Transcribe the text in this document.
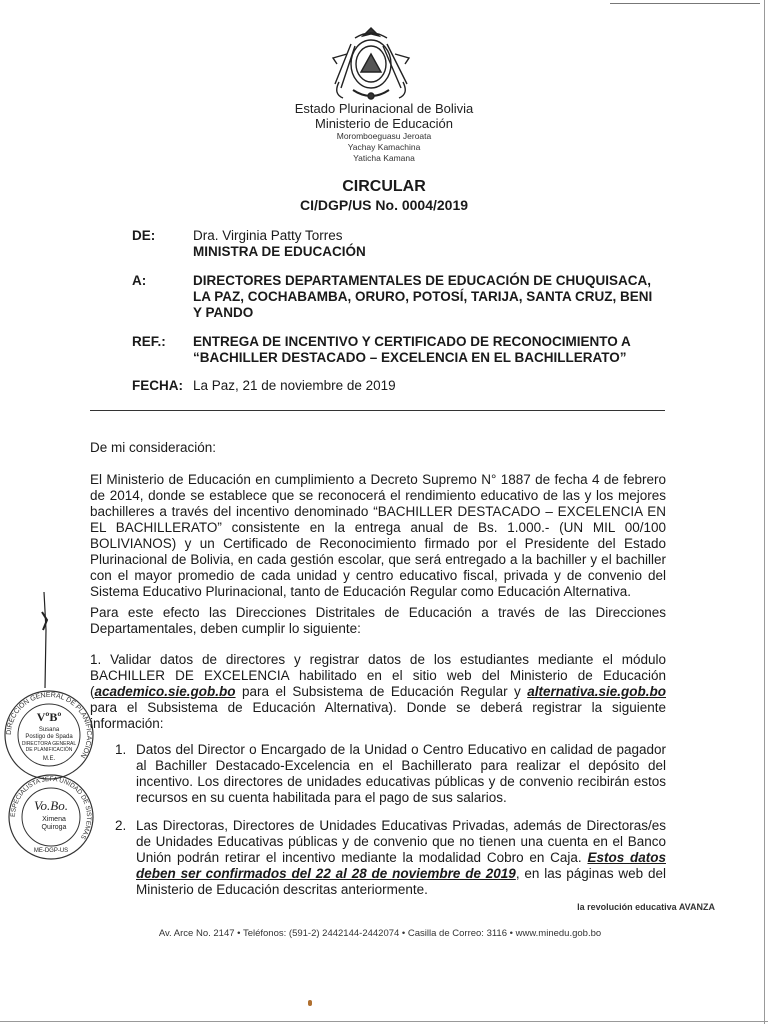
Estado Plurinacional de Bolivia
Ministerio de Educación
Moromboeguasu Jeroata
Yachay Kamachina
Yaticha Kamana
CIRCULAR
CI/DGP/US No. 0004/2019
DE:	Dra. Virginia Patty Torres
MINISTRA DE EDUCACIÓN
A:	DIRECTORES DEPARTAMENTALES DE EDUCACIÓN DE CHUQUISACA, LA PAZ, COCHABAMBA, ORURO, POTOSÍ, TARIJA, SANTA CRUZ, BENI Y PANDO
REF.: ENTREGA DE INCENTIVO Y CERTIFICADO DE RECONOCIMIENTO A “BACHILLER DESTACADO – EXCELENCIA EN EL BACHILLERATO”
FECHA: La Paz, 21 de noviembre de 2019
De mi consideración:
El Ministerio de Educación en cumplimiento a Decreto Supremo N° 1887 de fecha 4 de febrero de 2014, donde se establece que se reconocerá el rendimiento educativo de las y los mejores bachilleres a través del incentivo denominado “BACHILLER DESTACADO – EXCELENCIA EN EL BACHILLERATO” consistente en la entrega anual de Bs. 1.000.- (UN MIL 00/100 BOLIVIANOS) y un Certificado de Reconocimiento firmado por el Presidente del Estado Plurinacional de Bolivia, en cada gestión escolar, que será entregado a la bachiller y el bachiller con el mayor promedio de cada unidad y centro educativo fiscal, privada y de convenio del Sistema Educativo Plurinacional, tanto de Educación Regular como Educación Alternativa.
Para este efecto las Direcciones Distritales de Educación a través de las Direcciones Departamentales, deben cumplir lo siguiente:
1. Validar datos de directores y registrar datos de los estudiantes mediante el módulo BACHILLER DE EXCELENCIA habilitado en el sitio web del Ministerio de Educación (academico.sie.gob.bo para el Subsistema de Educación Regular y alternativa.sie.gob.bo para el Subsistema de Educación Alternativa). Donde se deberá registrar la siguiente información:
1. Datos del Director o Encargado de la Unidad o Centro Educativo en calidad de pagador al Bachiller Destacado-Excelencia en el Bachillerato para realizar el depósito del incentivo. Los directores de unidades educativas públicas y de convenio recibirán estos recursos en su cuenta habilitada para el pago de sus salarios.
2. Las Directoras, Directores de Unidades Educativas Privadas, además de Directoras/es de Unidades Educativas públicas y de convenio que no tienen una cuenta en el Banco Unión podrán retirar el incentivo mediante la modalidad Cobro en Caja. Estos datos deben ser confirmados del 22 al 28 de noviembre de 2019, en las páginas web del Ministerio de Educación descritas anteriormente.
la revolución educativa AVANZA
Av. Arce No. 2147 • Teléfonos: (591-2) 2442144-2442074 • Casilla de Correo: 3116 • www.minedu.gob.bo
DIRECCIÓN GENERAL DE PLANIFICACIÓN
VºBº
Susana
Postigo de Spada
DIRECTORA GENERAL
DE PLANIFICACIÓN
M.E.
ESPECIALISTA JEFA UNIDAD DE SISTEMAS
Vo.Bo.
Ximena
Quiroga
ME-DGP-US
